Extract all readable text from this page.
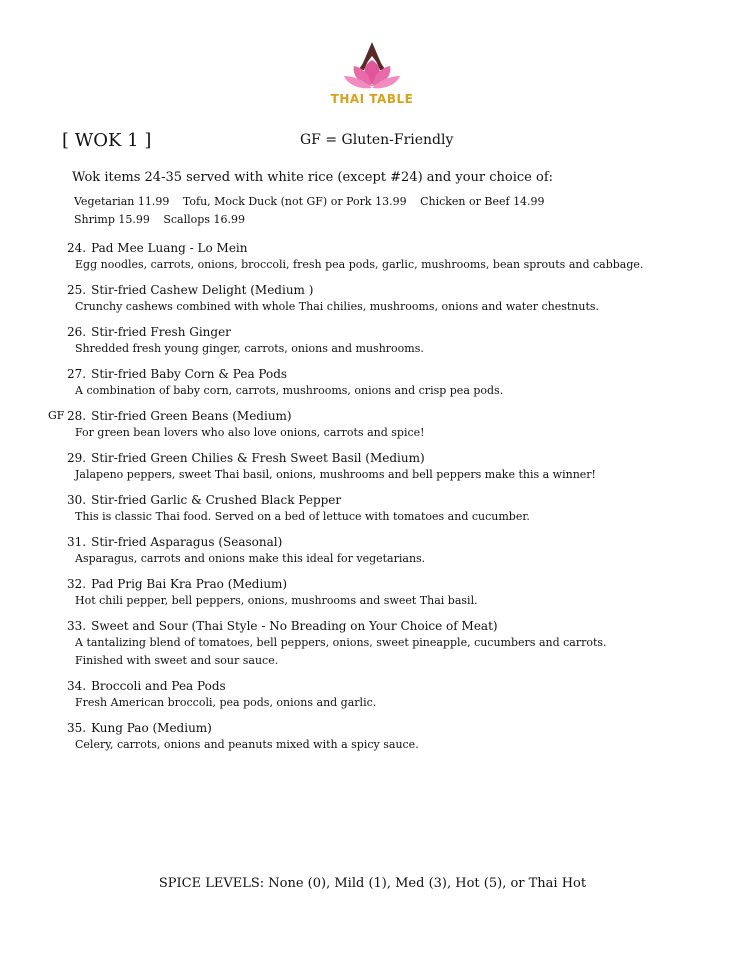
THAI TABLE
[ WOK 1 ]	GF = Gluten-Friendly
Wok items 24-35 served with white rice (except #24) and your choice of:
Vegetarian 11.99 Tofu, Mock Duck (not GF) or Pork 13.99 Chicken or Beef 14.99
Shrimp 15.99 Scallops 16.99
24. Pad Mee Luang - Lo Mein
Egg noodles, carrots, onions, broccoli, fresh pea pods, garlic, mushrooms, bean sprouts and cabbage.
25. Stir-fried Cashew Delight (Medium )
Crunchy cashews combined with whole Thai chilies, mushrooms, onions and water chestnuts.
26. Stir-fried Fresh Ginger
Shredded fresh young ginger, carrots, onions and mushrooms.
27. Stir-fried Baby Corn & Pea Pods
A combination of baby corn, carrots, mushrooms, onions and crisp pea pods.
GF 28. Stir-fried Green Beans (Medium)
For green bean lovers who also love onions, carrots and spice!
29. Stir-fried Green Chilies & Fresh Sweet Basil (Medium)
Jalapeno peppers, sweet Thai basil, onions, mushrooms and bell peppers make this a winner!
30. Stir-fried Garlic & Crushed Black Pepper
This is classic Thai food. Served on a bed of lettuce with tomatoes and cucumber.
31. Stir-fried Asparagus (Seasonal)
Asparagus, carrots and onions make this ideal for vegetarians.
32. Pad Prig Bai Kra Prao (Medium)
Hot chili pepper, bell peppers, onions, mushrooms and sweet Thai basil.
33. Sweet and Sour (Thai Style - No Breading on Your Choice of Meat)
A tantalizing blend of tomatoes, bell peppers, onions, sweet pineapple, cucumbers and carrots.
Finished with sweet and sour sauce.
34. Broccoli and Pea Pods
Fresh American broccoli, pea pods, onions and garlic.
35. Kung Pao (Medium)
Celery, carrots, onions and peanuts mixed with a spicy sauce.
SPICE LEVELS: None (0), Mild (1), Med (3), Hot (5), or Thai Hot
